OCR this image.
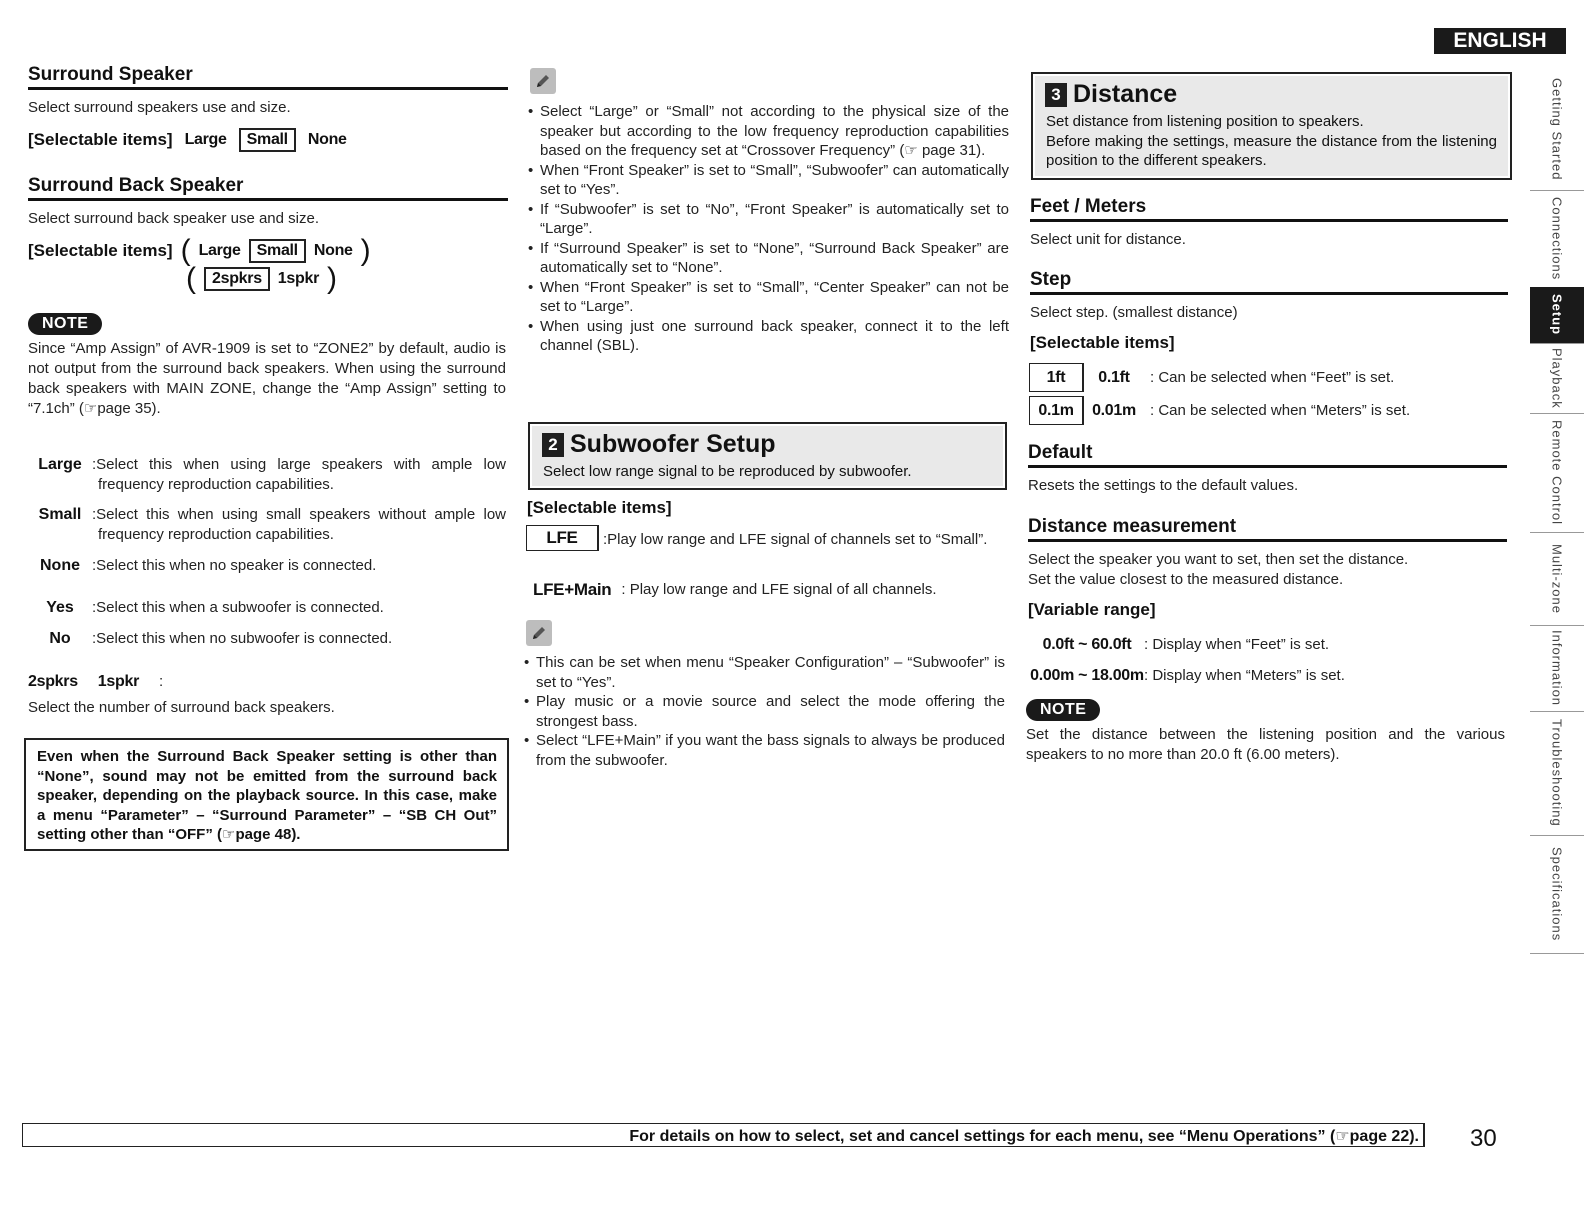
ENGLISH
Getting Started
Connections
Setup
Playback
Remote Control
Multi-zone
Information
Troubleshooting
Specifications
Surround Speaker
Select surround speakers use and size.
[Selectable items] Large	Small	None
Surround Back Speaker
Select surround back speaker use and size.
[Selectable items] ( Large	Small	None )
(	2spkrs	1spkr )
NOTE
Since “Amp Assign” of AVR-1909 is set to “ZONE2” by default, audio is not output from the surround back speakers. When using the surround back speakers with MAIN ZONE, change the “Amp Assign” setting to “7.1ch” (☞page 35).
Large :Select this when using large speakers with ample low frequency reproduction capabilities.
Small :Select this when using small speakers without ample low frequency reproduction capabilities.
None :Select this when no speaker is connected.
Yes	:Select this when a subwoofer is connected.
No	:Select this when no subwoofer is connected.
2spkrs 1spkr :
Select the number of surround back speakers.
Even when the Surround Back Speaker setting is other than “None”, sound may not be emitted from the surround back speaker, depending on the playback source. In this case, make a menu “Parameter” – “Surround Parameter” – “SB CH Out” setting other than “OFF” (☞page 48).
• Select “Large” or “Small” not according to the physical size of the speaker but according to the low frequency reproduction capabilities based on the frequency set at “Crossover Frequency” (☞ page 31).
• When “Front Speaker” is set to “Small”, “Subwoofer” can automatically set to “Yes”.
• If “Subwoofer” is set to “No”, “Front Speaker” is automatically set to “Large”.
• If “Surround Speaker” is set to “None”, “Surround Back Speaker” are automatically set to “None”.
• When “Front Speaker” is set to “Small”, “Center Speaker” can not be set to “Large”.
• When using just one surround back speaker, connect it to the left channel (SBL).
2 Subwoofer Setup
Select low range signal to be reproduced by subwoofer.
[Selectable items]
LFE	:Play low range and LFE signal of channels set to “Small”.
LFE+Main : Play low range and LFE signal of all channels.
• This can be set when menu “Speaker Configuration” – “Subwoofer” is set to “Yes”.
• Play music or a movie source and select the mode offering the strongest bass.
• Select “LFE+Main” if you want the bass signals to always be produced from the subwoofer.
3 Distance
Set distance from listening position to speakers.
Before making the settings, measure the distance from the listening position to the different speakers.
Feet / Meters
Select unit for distance.
Step
Select step. (smallest distance)
[Selectable items]
1ft	0.1ft	: Can be selected when “Feet” is set.
0.1m	0.01m : Can be selected when “Meters” is set.
Default
Resets the settings to the default values.
Distance measurement
Select the speaker you want to set, then set the distance.
Set the value closest to the measured distance.
[Variable range]
0.0ft ~ 60.0ft : Display when “Feet” is set.
0.00m ~ 18.00m : Display when “Meters” is set.
NOTE
Set the distance between the listening position and the various speakers to no more than 20.0 ft (6.00 meters).
For details on how to select, set and cancel settings for each menu, see “Menu Operations” (☞page 22). 30
